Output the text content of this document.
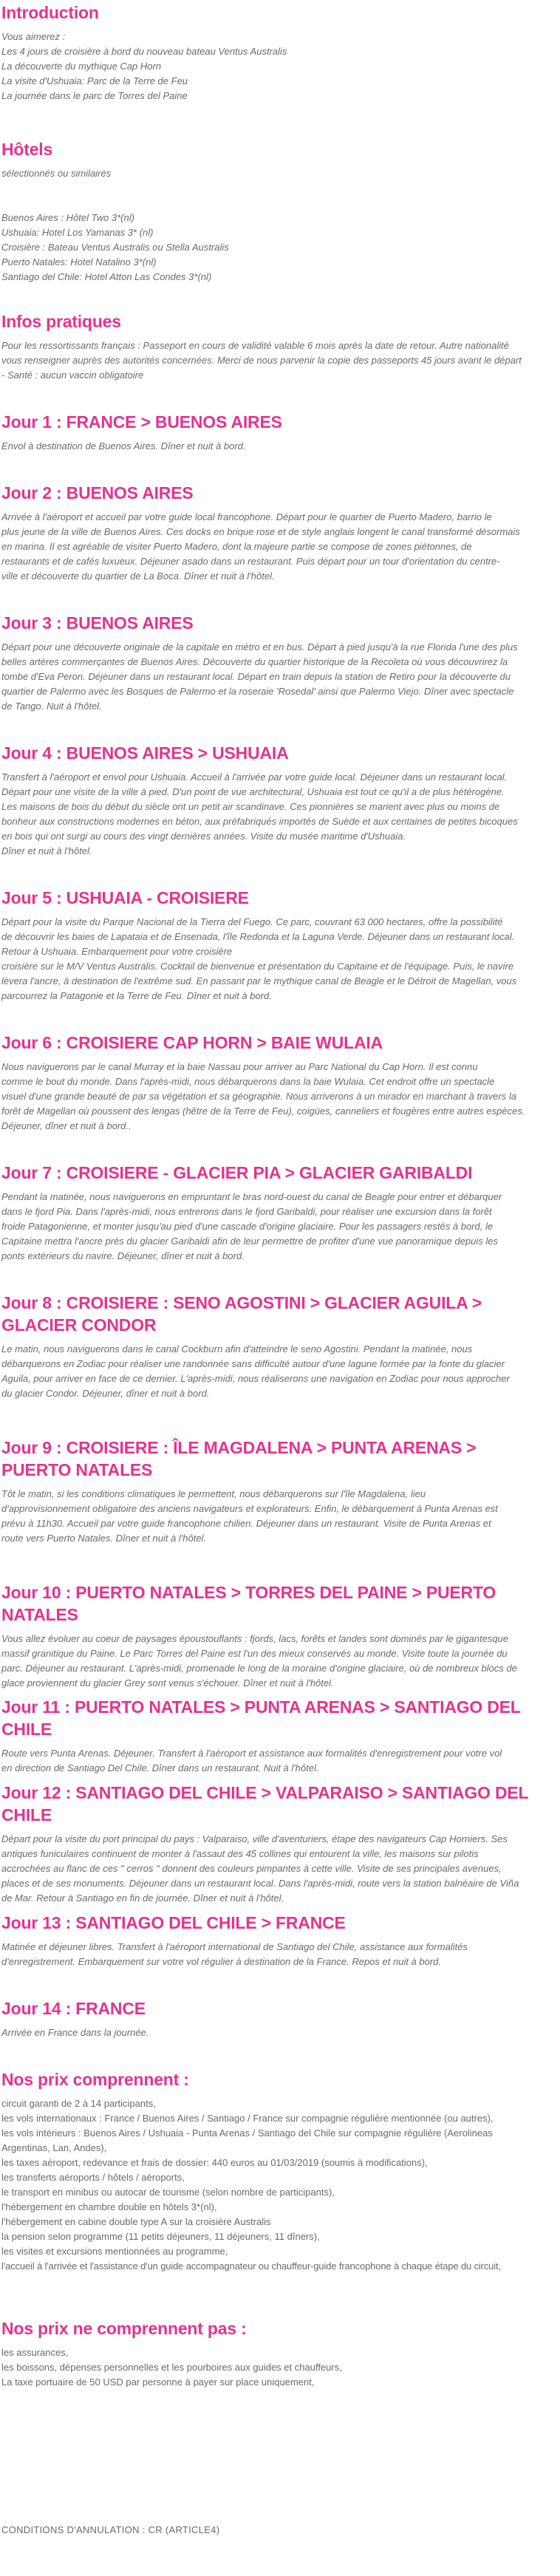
Introduction
Vous aimerez :
Les 4 jours de croisière à bord du nouveau bateau Ventus Australis
La découverte du mythique Cap Horn
La visite d'Ushuaia: Parc de la Terre de Feu
La journée dans le parc de Torres del Paine
Hôtels
sélectionnés ou similaires
Buenos Aires : Hôtel Two 3*(nl)
Ushuaia: Hotel Los Yamanas 3* (nl)
Croisière : Bateau Ventus Australis ou Stella Australis
Puerto Natales: Hotel Natalino 3*(nl)
Santiago del Chile: Hotel Atton Las Condes 3*(nl)
Infos pratiques
Pour les ressortissants français : Passeport en cours de validité valable 6 mois après la date de retour. Autre nationalité
vous renseigner auprès des autorités concernées. Merci de nous parvenir la copie des passeports 45 jours avant le départ
- Santé : aucun vaccin obligatoire
Jour 1 : FRANCE > BUENOS AIRES
Envol à destination de Buenos Aires. Dîner et nuit à bord.
Jour 2 : BUENOS AIRES
Arrivée à l'aéroport et accueil par votre guide local francophone. Départ pour le quartier de Puerto Madero, barrio le
plus jeune de la ville de Buenos Aires. Ces docks en brique rose et de style anglais longent le canal transformé désormais
en marina. Il est agréable de visiter Puerto Madero, dont la majeure partie se compose de zones piétonnes, de
restaurants et de cafés luxueux. Déjeuner asado dans un restaurant. Puis départ pour un tour d'orientation du centre-
ville et découverte du quartier de La Boca. Dîner et nuit à l'hôtel.
Jour 3 : BUENOS AIRES
Départ pour une découverte originale de la capitale en métro et en bus. Départ à pied jusqu'à la rue Florida l'une des plus
belles artères commerçantes de Buenos Aires. Découverte du quartier historique de la Recoleta où vous découvrirez la
tombe d'Eva Peron. Déjeuner dans un restaurant local. Départ en train depuis la station de Retiro pour la découverte du
quartier de Palermo avec les Bosques de Palermo et la roseraie 'Rosedal' ainsi que Palermo Viejo. Dîner avec spectacle
de Tango. Nuit à l'hôtel.
Jour 4 : BUENOS AIRES > USHUAIA
Transfert à l'aéroport et envol pour Ushuaia. Accueil à l'arrivée par votre guide local. Déjeuner dans un restaurant local.
Départ pour une visite de la ville à pied. D'un point de vue architectural, Ushuaia est tout ce qu'il a de plus hétérogène.
Les maisons de bois du début du siècle ont un petit air scandinave. Ces pionnières se marient avec plus ou moins de
bonheur aux constructions modernes en béton, aux préfabriqués importés de Suède et aux centaines de petites bicoques
en bois qui ont surgi au cours des vingt dernières années. Visite du musée maritime d'Ushuaia.
Dîner et nuit à l'hôtel.
Jour 5 : USHUAIA - CROISIERE
Départ pour la visite du Parque Nacional de la Tierra del Fuego. Ce parc, couvrant 63 000 hectares, offre la possibilité
de découvrir les baies de Lapataia et de Ensenada, l'île Redonda et la Laguna Verde. Déjeuner dans un restaurant local.
Retour à Ushuaia. Embarquement pour votre croisière
croisière sur le M/V Ventus Australis. Cocktail de bienvenue et présentation du Capitaine et de l'équipage. Puis, le navire
lèvera l'ancre, à destination de l'extrême sud. En passant par le mythique canal de Beagle et le Détroit de Magellan, vous
parcourrez la Patagonie et la Terre de Feu. Dîner et nuit à bord.
Jour 6 : CROISIERE CAP HORN > BAIE WULAIA
Nous naviguerons par le canal Murray et la baie Nassau pour arriver au Parc National du Cap Horn. Il est connu
comme le bout du monde. Dans l'après-midi, nous débarquerons dans la baie Wulaia. Cet endroit offre un spectacle
visuel d'une grande beauté de par sa végétation et sa géographie. Nous arriverons à un mirador en marchant à travers la
forêt de Magellan où poussent des lengas (hêtre de la Terre de Feu), coigües, canneliers et fougères entre autres espèces.
Déjeuner, dîner et nuit à bord..
Jour 7 : CROISIERE - GLACIER PIA > GLACIER GARIBALDI
Pendant la matinée, nous naviguerons en empruntant le bras nord-ouest du canal de Beagle pour entrer et débarquer
dans le fjord Pia. Dans l'après-midi, nous entrerons dans le fjord Garibaldi, pour réaliser une excursion dans la forêt
froide Patagonienne, et monter jusqu'au pied d'une cascade d'origine glaciaire. Pour les passagers restés à bord, le
Capitaine mettra l'ancre près du glacier Garibaldi afin de leur permettre de profiter d'une vue panoramique depuis les
ponts extérieurs du navire. Déjeuner, dîner et nuit à bord.
Jour 8 : CROISIERE : SENO AGOSTINI > GLACIER AGUILA > GLACIER CONDOR
Le matin, nous naviguerons dans le canal Cockburn afin d'atteindre le seno Agostini. Pendant la matinée, nous
débarquerons en Zodiac pour réaliser une randonnée sans difficulté autour d'une lagune formée par la fonte du glacier
Aguila, pour arriver en face de ce dernier. L'après-midi, nous réaliserons une navigation en Zodiac pour nous approcher
du glacier Condor. Déjeuner, dîner et nuit à bord.
Jour 9 : CROISIERE : ÎLE MAGDALENA > PUNTA ARENAS > PUERTO NATALES
Tôt le matin, si les conditions climatiques le permettent, nous débarquerons sur l'île Magdalena, lieu
d'approvisionnement obligatoire des anciens navigateurs et explorateurs. Enfin, le débarquement à Punta Arenas est
prévu à 11h30. Accueil par votre guide francophone chilien. Déjeuner dans un restaurant. Visite de Punta Arenas et
route vers Puerto Natales. Dîner et nuit à l'hôtel.
Jour 10 : PUERTO NATALES > TORRES DEL PAINE > PUERTO NATALES
Vous allez évoluer au coeur de paysages époustouflants : fjords, lacs, forêts et landes sont dominés par le gigantesque
massif granitique du Paine. Le Parc Torres del Paine est l'un des mieux conservés au monde. Visite toute la journée du
parc. Déjeuner au restaurant. L'après-midi, promenade le long de la moraine d'origine glaciaire, où de nombreux blocs de
glace proviennent du glacier Grey sont venus s'échouer. Dîner et nuit à l'hôtel.
Jour 11 : PUERTO NATALES > PUNTA ARENAS > SANTIAGO DEL CHILE
Route vers Punta Arenas. Déjeuner. Transfert à l'aéroport et assistance aux formalités d'enregistrement pour votre vol
en direction de Santiago Del Chile. Dîner dans un restaurant. Nuit à l'hôtel.
Jour 12 : SANTIAGO DEL CHILE > VALPARAISO > SANTIAGO DEL CHILE
Départ pour la visite du port principal du pays : Valparaiso, ville d'aventuriers, étape des navigateurs Cap Horniers. Ses
antiques funiculaires continuent de monter à l'assaut des 45 collines qui entourent la ville, les maisons sur pilotis
accrochées au flanc de ces " cerros " donnent des couleurs pimpantes à cette ville. Visite de ses principales avenues,
places et de ses monuments. Déjeuner dans un restaurant local. Dans l'après-midi, route vers la station balnéaire de Viña
de Mar. Retour à Santiago en fin de journée. Dîner et nuit à l'hôtel.
Jour 13 : SANTIAGO DEL CHILE > FRANCE
Matinée et déjeuner libres. Transfert à l'aéroport international de Santiago del Chile, assistance aux formalités
d'enregistrement. Embarquement sur votre vol régulier à destination de la France. Repos et nuit à bord.
Jour 14 : FRANCE
Arrivée en France dans la journée.
Nos prix comprennent :
circuit garanti de 2 à 14 participants,
les vols internationaux : France / Buenos Aires / Santiago / France sur compagnie régulière mentionnée (ou autres),
les vols intérieurs : Buenos Aires / Ushuaia - Punta Arenas / Santiago del Chile sur compagnie régulière (Aerolineas
Argentinas, Lan, Andes),
les taxes aéroport, redevance et frais de dossier: 440 euros au 01/03/2019 (soumis à modifications),
les transferts aéroports / hôtels / aéroports,
le transport en minibus ou autocar de tourisme (selon nombre de participants),
l'hébergement en chambre double en hôtels 3*(nl),
l'hébergement en cabine double type A sur la croisière Australis
la pension selon programme (11 petits déjeuners, 11 déjeuners, 11 dîners),
les visites et excursions mentionnées au programme,
l'accueil à l'arrivée et l'assistance d'un guide accompagnateur ou chauffeur-guide francophone à chaque étape du circuit,
Nos prix ne comprennent pas :
les assurances,
les boissons, dépenses personnelles et les pourboires aux guides et chauffeurs,
La taxe portuaire de 50 USD par personne à payer sur place uniquement,
CONDITIONS D'ANNULATION : CR (ARTICLE4)
